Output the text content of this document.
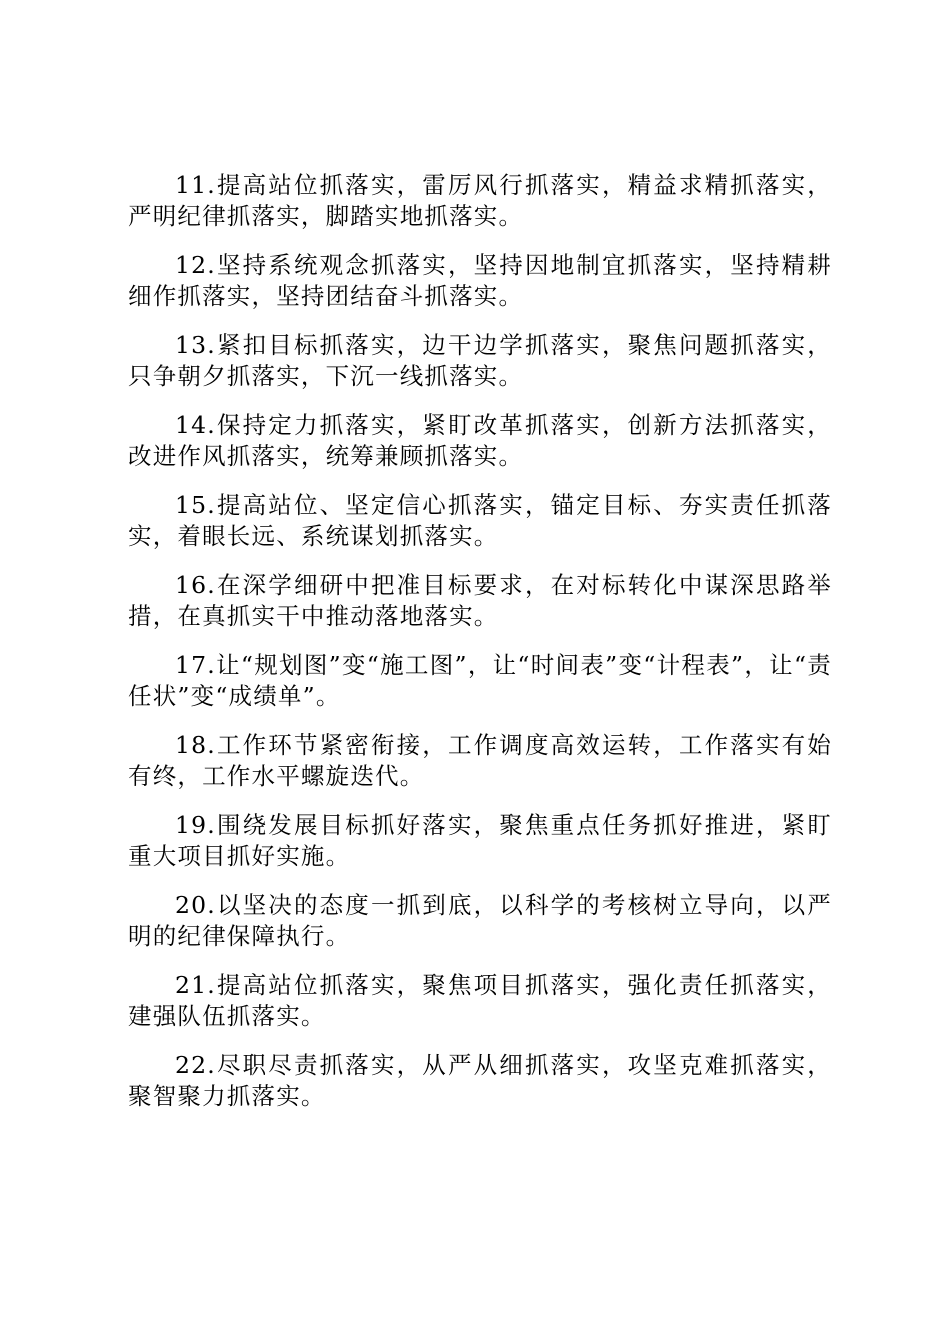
11.提高站位抓落实，雷厉风行抓落实，精益求精抓落实，严明纪律抓落实，脚踏实地抓落实。

12.坚持系统观念抓落实，坚持因地制宜抓落实，坚持精耕细作抓落实，坚持团结奋斗抓落实。

13.紧扣目标抓落实，边干边学抓落实，聚焦问题抓落实，只争朝夕抓落实，下沉一线抓落实。

14.保持定力抓落实，紧盯改革抓落实，创新方法抓落实，改进作风抓落实，统筹兼顾抓落实。

15.提高站位、坚定信心抓落实，锚定目标、夯实责任抓落实，着眼长远、系统谋划抓落实。

16.在深学细研中把准目标要求，在对标转化中谋深思路举措，在真抓实干中推动落地落实。

17.让“规划图”变“施工图”，让“时间表”变“计程表”，让“责任状”变“成绩单”。

18.工作环节紧密衔接，工作调度高效运转，工作落实有始有终，工作水平螺旋迭代。

19.围绕发展目标抓好落实，聚焦重点任务抓好推进，紧盯重大项目抓好实施。

20.以坚决的态度一抓到底，以科学的考核树立导向，以严明的纪律保障执行。

21.提高站位抓落实，聚焦项目抓落实，强化责任抓落实，建强队伍抓落实。

22.尽职尽责抓落实，从严从细抓落实，攻坚克难抓落实，聚智聚力抓落实。
